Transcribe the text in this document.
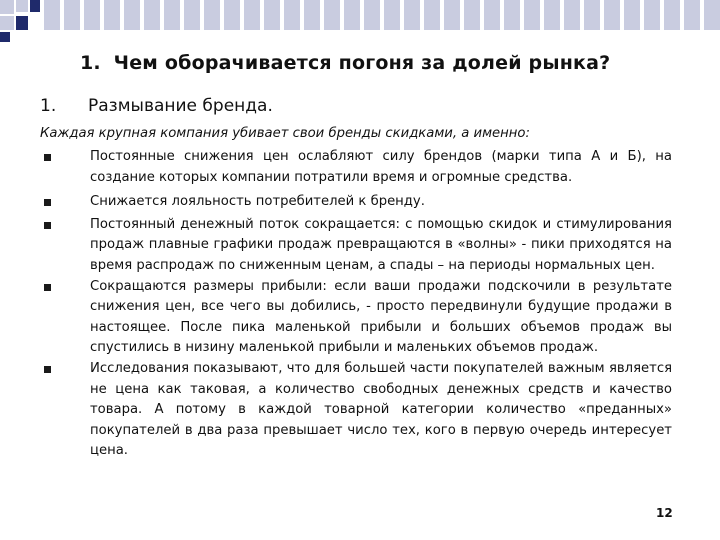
1. Чем оборачивается погоня за долей рынка?
1. Размывание бренда.
Каждая крупная компания убивает свои бренды скидками, а именно:
Постоянные снижения цен ослабляют силу брендов (марки типа А и Б), на создание которых компании потратили время и огромные средства.
Снижается лояльность потребителей к бренду.
Постоянный денежный поток сокращается: с помощью скидок и стимулирования продаж плавные графики продаж превращаются в «волны» - пики приходятся на время распродаж по сниженным ценам, а спады – на периоды нормальных цен.
Сокращаются размеры прибыли: если ваши продажи подскочили в результате снижения цен, все чего вы добились, - просто передвинули будущие продажи в настоящее. После пика маленькой прибыли и больших объемов продаж вы спустились в низину маленькой прибыли и маленьких объемов продаж.
Исследования показывают, что для большей части покупателей важным является не цена как таковая, а количество свободных денежных средств и качество товара. А потому в каждой товарной категории количество «преданных» покупателей в два раза превышает число тех, кого в первую очередь интересует цена.
12
